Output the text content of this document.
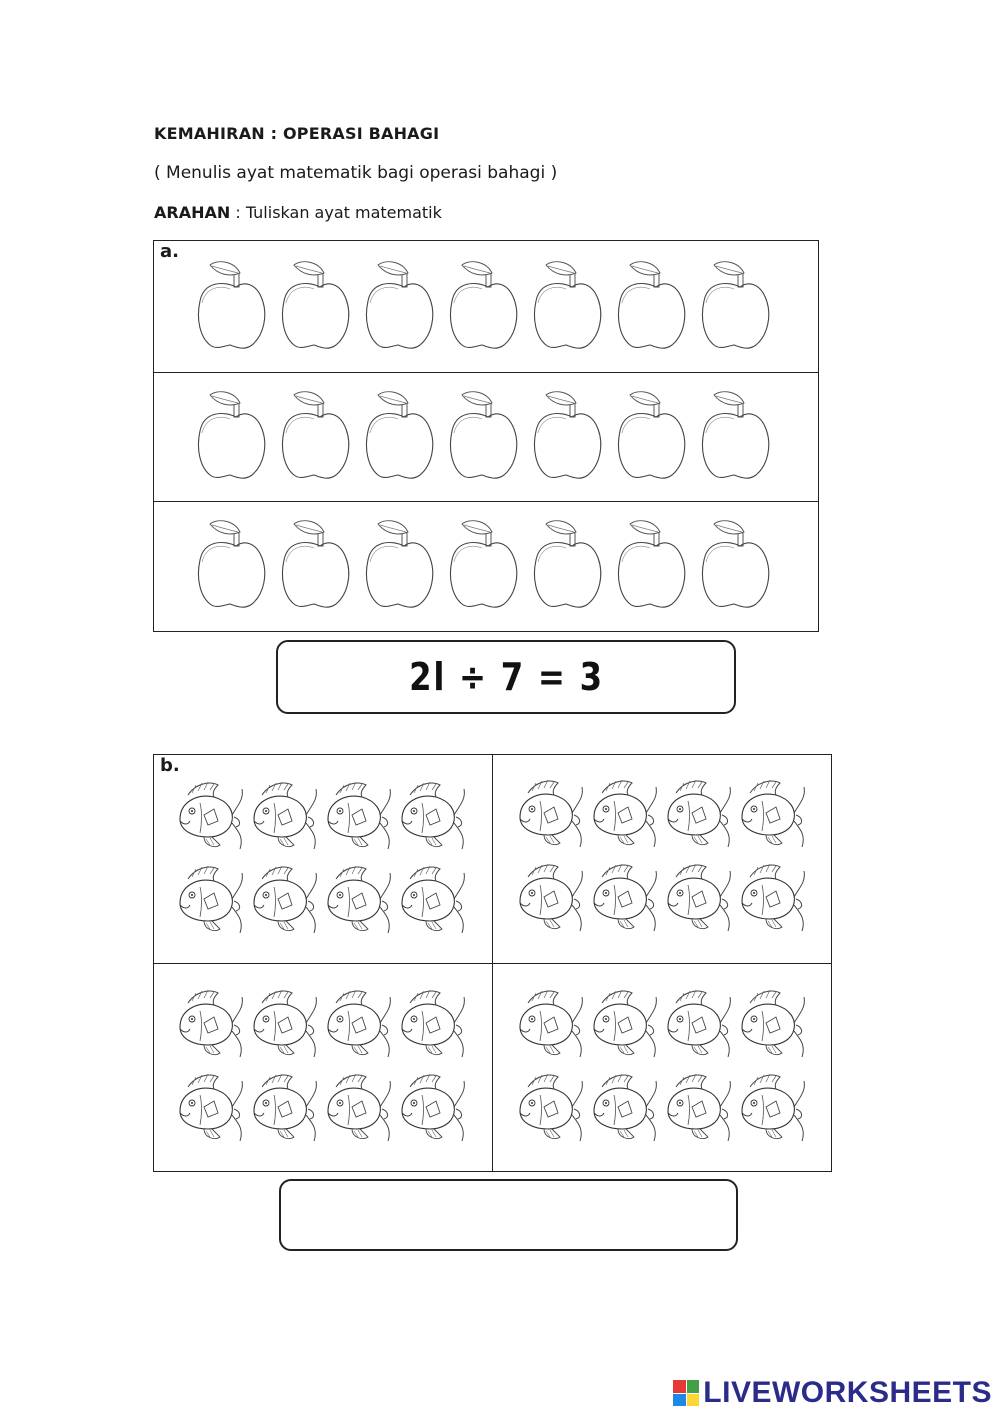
KEMAHIRAN : OPERASI BAHAGI
( Menulis ayat matematik bagi operasi bahagi )
ARAHAN : Tuliskan ayat matematik
a.
2l ÷ 7 = 3
b.
LIVEWORKSHEETS
